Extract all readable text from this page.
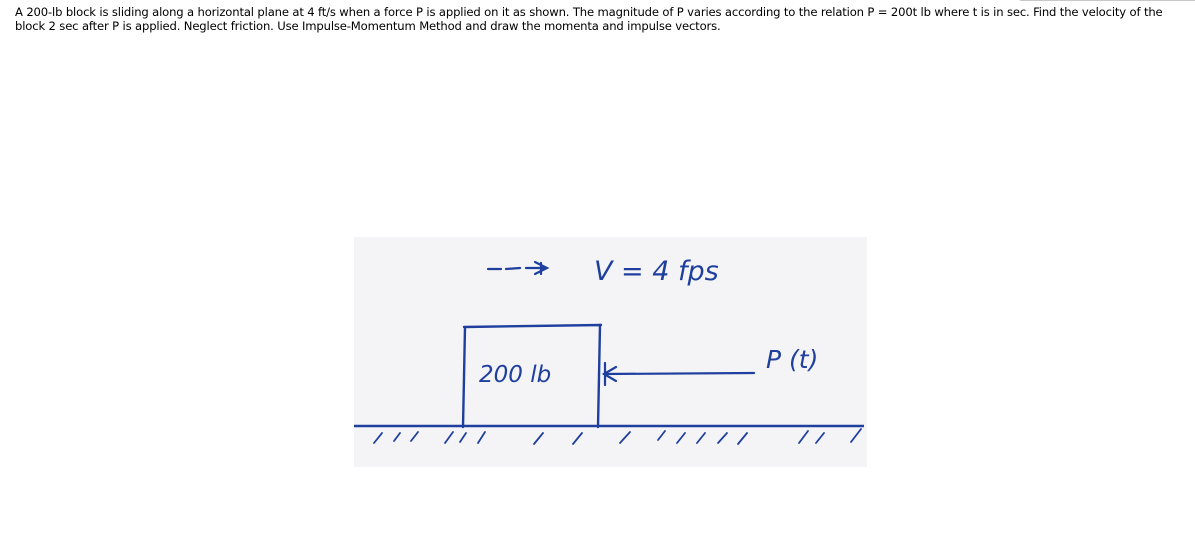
A 200-lb block is sliding along a horizontal plane at 4 ft/s when a force P is applied on it as shown. The magnitude of P varies according to the relation P = 200t lb where t is in sec. Find the velocity of the block 2 sec after P is applied. Neglect friction. Use Impulse-Momentum Method and draw the momenta and impulse vectors.

V = 4 fps
200 lb
P (t)
